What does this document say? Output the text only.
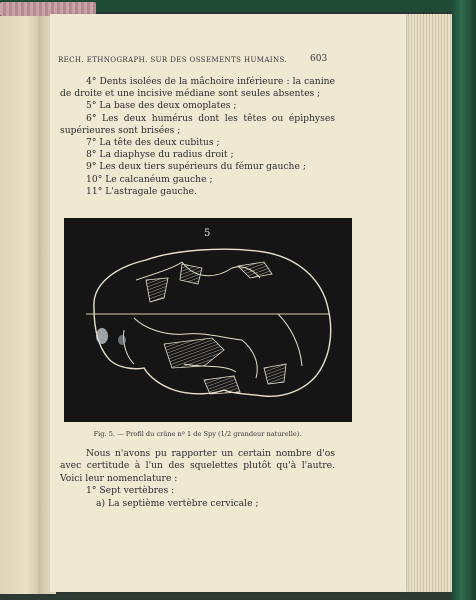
RECH. ETHNOGRAPH. SUR DES OSSEMENTS HUMAINS.	603

4° Dents isolées de la mâchoire inférieure : la canine de droite et une incisive médiane sont seules absentes ;

5° La base des deux omoplates ;

6° Les deux humérus dont les têtes ou épiphyses supérieures sont brisées ;

7° La tête des deux cubitus ;

8° La diaphyse du radius droit ;

9° Les deux tiers supérieurs du fémur gauche ;

10° Le calcanéum gauche ;

11° L'astragale gauche.

5
Fig. 5. — Profil du crâne nº 1 de Spy (1/2 grandeur naturelle).

Nous n'avons pu rapporter un certain nombre d'os avec certitude à l'un des squelettes plutôt qu'à l'autre. Voici leur nomenclature :

1° Sept vertèbres :

a) La septième vertèbre cervicale ;
